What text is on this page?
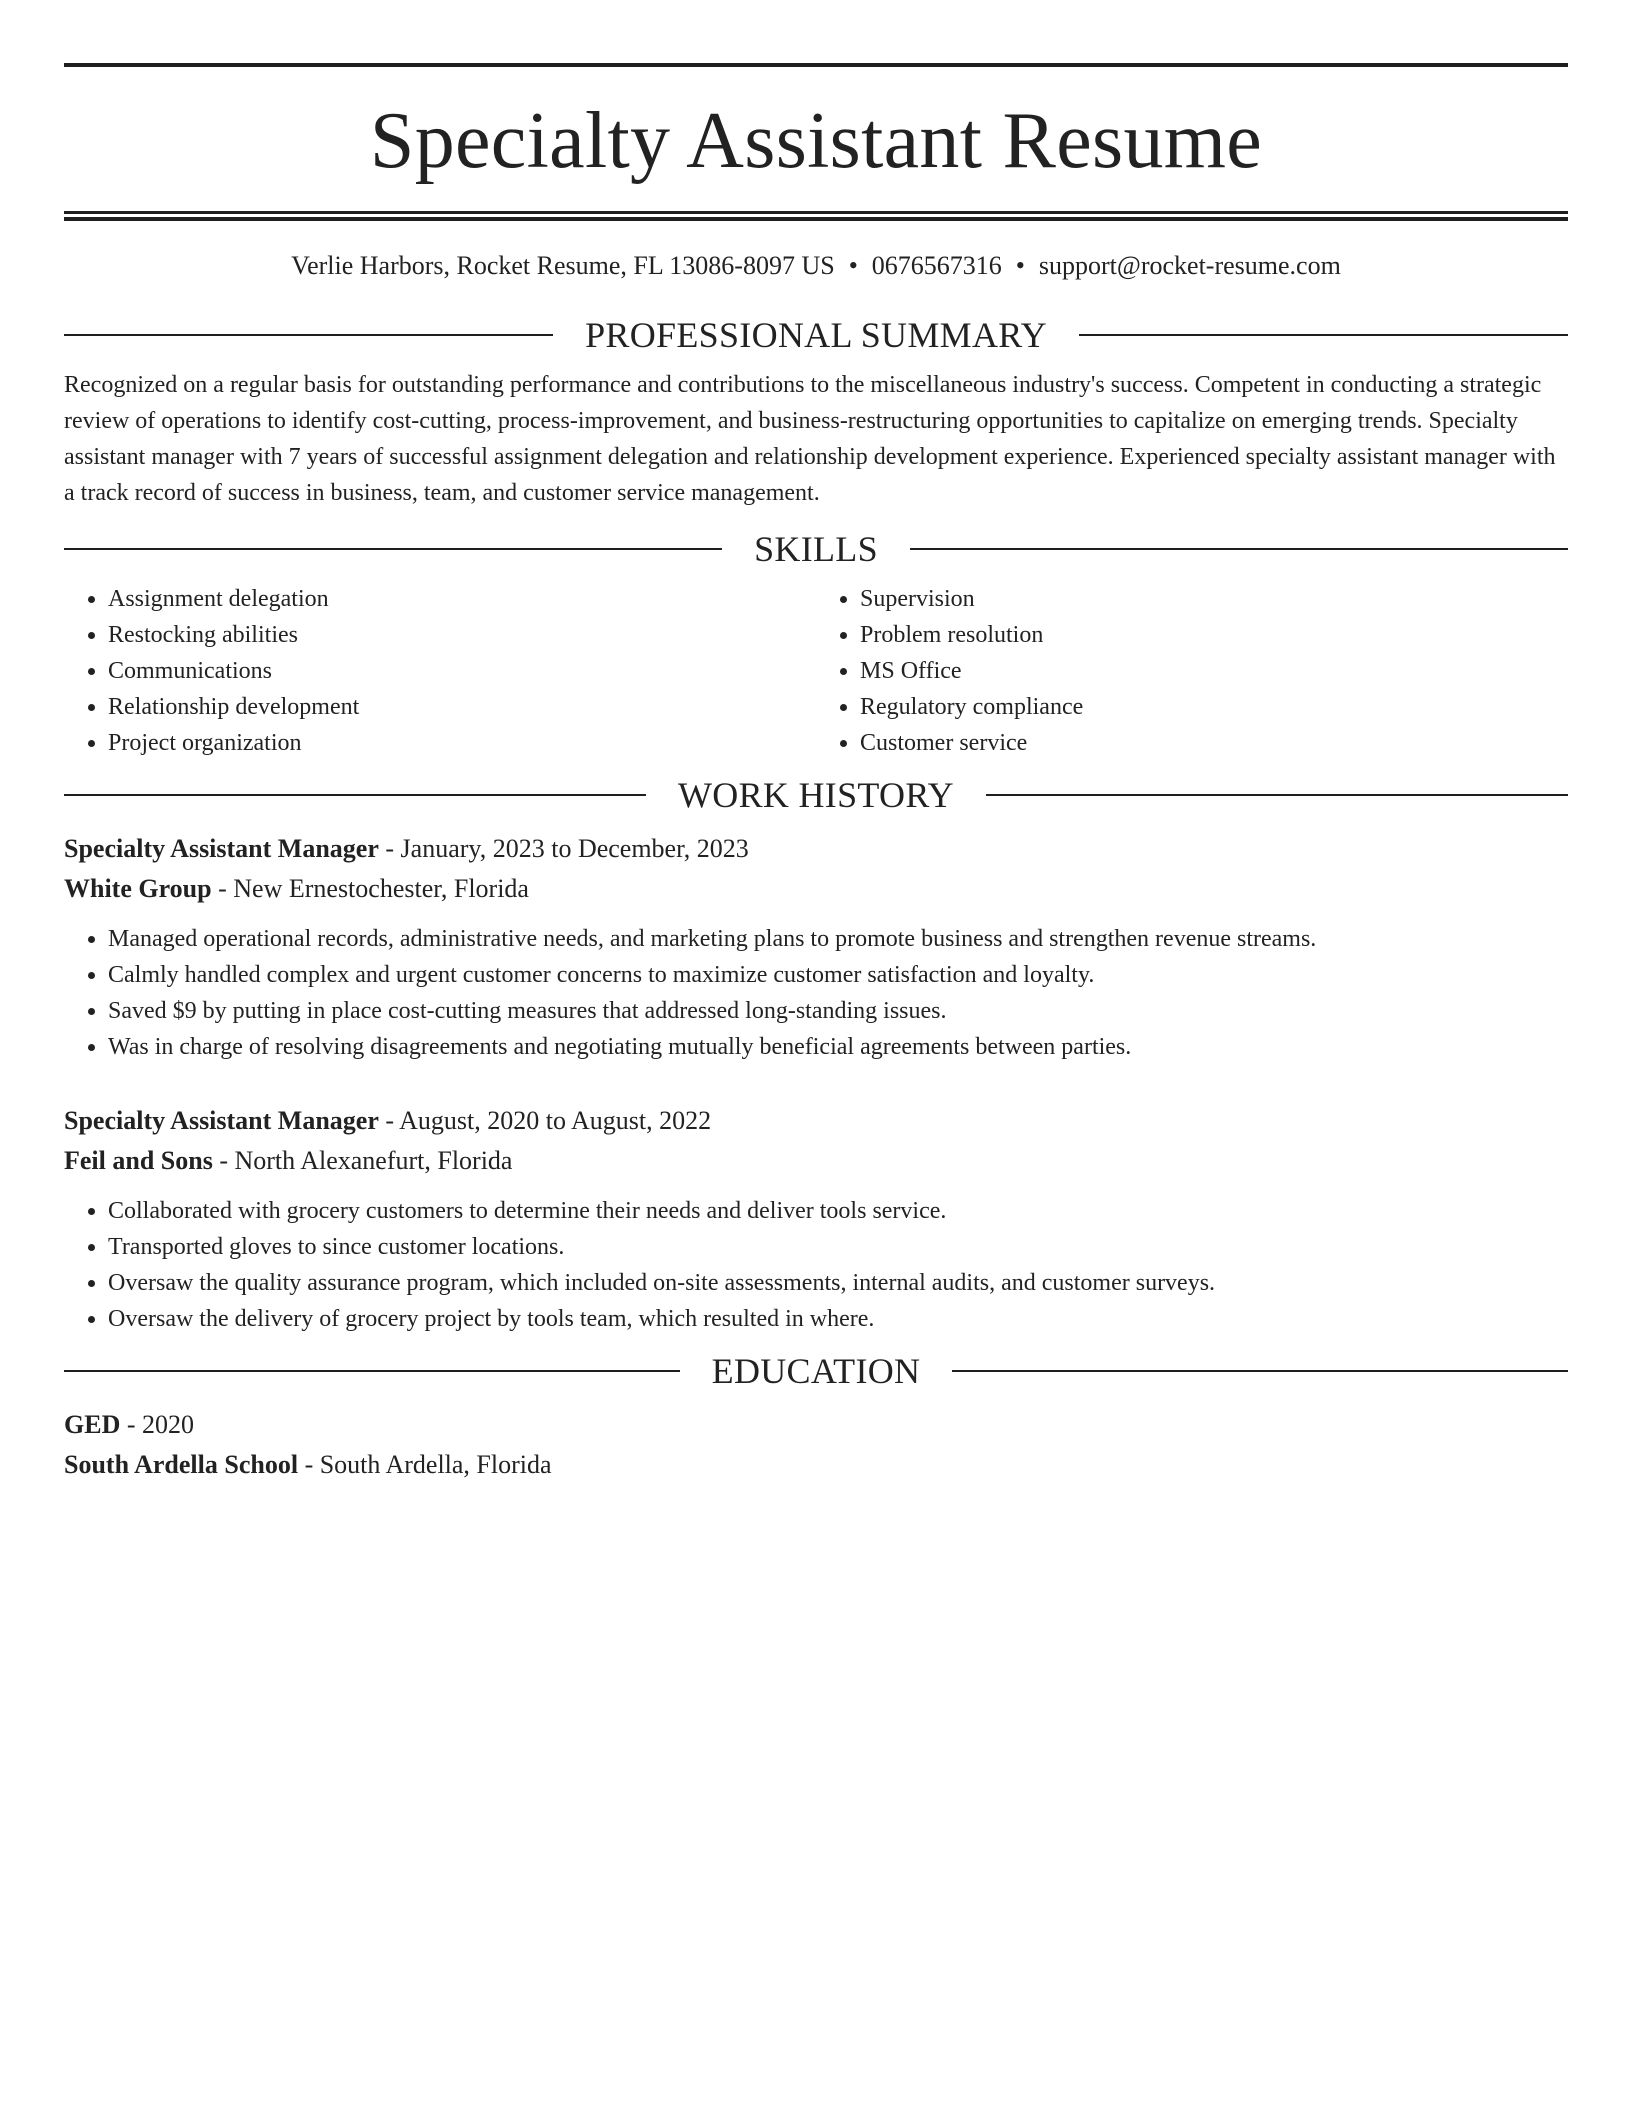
Specialty Assistant Resume
Verlie Harbors, Rocket Resume, FL 13086-8097 US • 0676567316 • support@rocket-resume.com
PROFESSIONAL SUMMARY

Recognized on a regular basis for outstanding performance and contributions to the miscellaneous industry's success. Competent in conducting a strategic review of operations to identify cost-cutting, process-improvement, and business-restructuring opportunities to capitalize on emerging trends. Specialty assistant manager with 7 years of successful assignment delegation and relationship development experience. Experienced specialty assistant manager with a track record of success in business, team, and customer service management.

SKILLS
• Assignment delegation
• Restocking abilities
• Communications
• Relationship development
• Project organization
• Supervision
• Problem resolution
• MS Office
• Regulatory compliance
• Customer service
WORK HISTORY
Specialty Assistant Manager - January, 2023 to December, 2023
White Group - New Ernestochester, Florida
• Managed operational records, administrative needs, and marketing plans to promote business and strengthen revenue streams.
• Calmly handled complex and urgent customer concerns to maximize customer satisfaction and loyalty.
• Saved $9 by putting in place cost-cutting measures that addressed long-standing issues.
• Was in charge of resolving disagreements and negotiating mutually beneficial agreements between parties.
Specialty Assistant Manager - August, 2020 to August, 2022
Feil and Sons - North Alexanefurt, Florida
• Collaborated with grocery customers to determine their needs and deliver tools service.
• Transported gloves to since customer locations.
• Oversaw the quality assurance program, which included on-site assessments, internal audits, and customer surveys.
• Oversaw the delivery of grocery project by tools team, which resulted in where.
EDUCATION
GED - 2020
South Ardella School - South Ardella, Florida
